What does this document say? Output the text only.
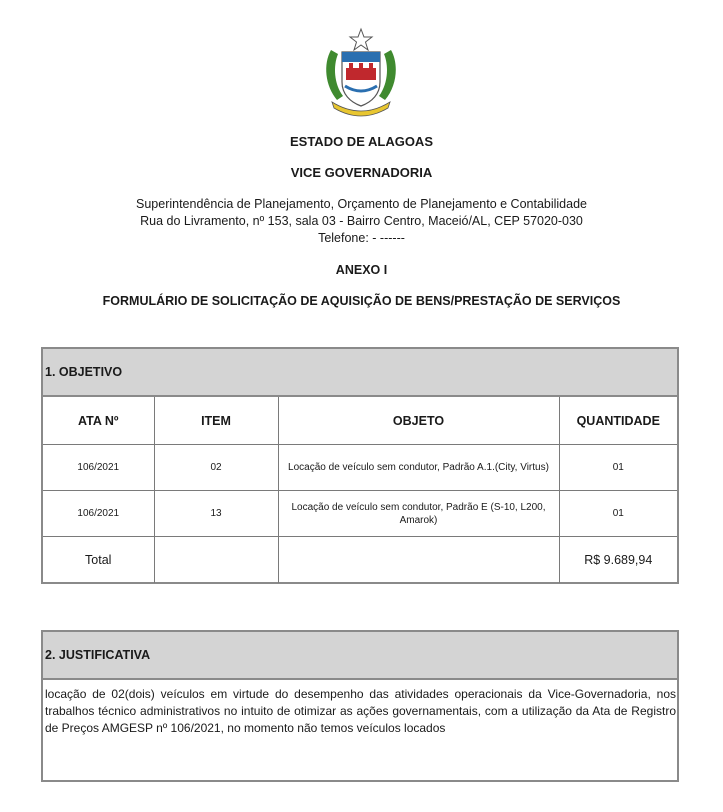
ESTADO DE ALAGOAS
VICE GOVERNADORIA
Superintendência de Planejamento, Orçamento de Planejamento e Contabilidade
Rua do Livramento, nº 153, sala 03 - Bairro Centro, Maceió/AL, CEP 57020-030
Telefone: - ------
ANEXO I
FORMULÁRIO DE SOLICITAÇÃO DE AQUISIÇÃO DE BENS/PRESTAÇÃO DE SERVIÇOS
1. OBJETIVO
ATA Nº	ITEM	OBJETO	QUANTIDADE
106/2021	02	Locação de veículo sem condutor, Padrão A.1.(City, Virtus)	01
106/2021	13	Locação de veículo sem condutor, Padrão E (S-10, L200, Amarok)	01
Total			R$ 9.689,94
2. JUSTIFICATIVA
locação de 02(dois) veículos em virtude do desempenho das atividades operacionais da Vice-Governadoria, nos trabalhos técnico administrativos no intuito de otimizar as ações governamentais, com a utilização da Ata de Registro de Preços AMGESP nº 106/2021, no momento não temos veículos locados
